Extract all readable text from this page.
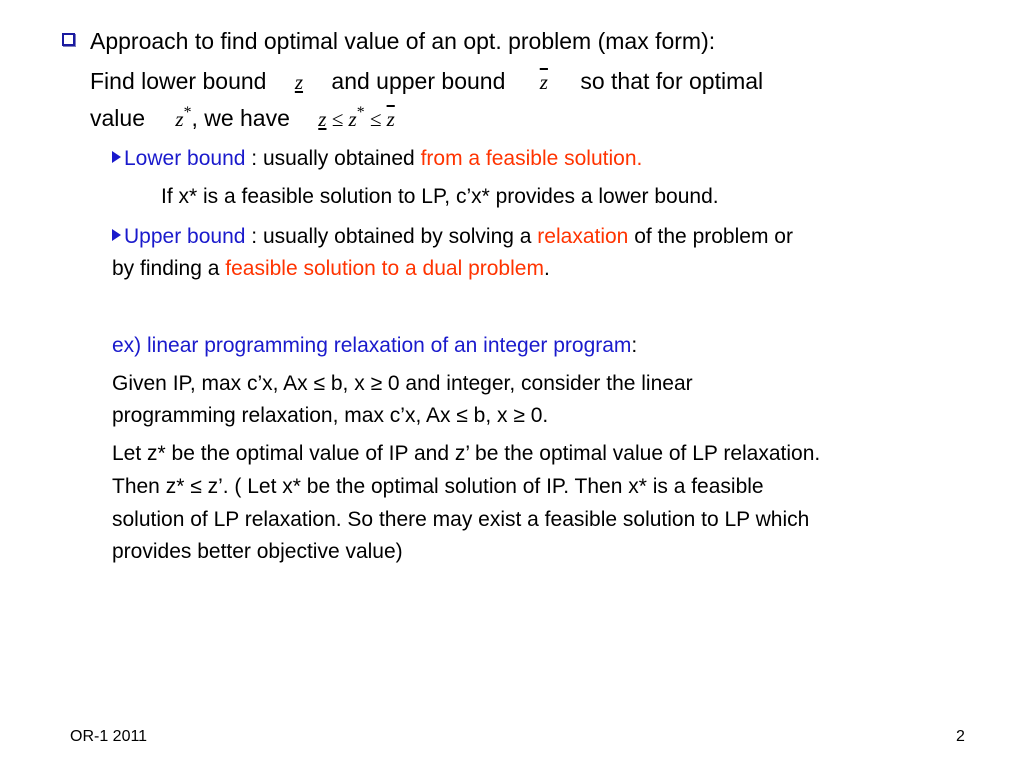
Approach to find optimal value of an opt. problem (max form):
Find lower bound z and upper bound $\overline{z}$ so that for optimal
value z*, we have $z \le z^* \le \overline{z}$
Lower bound : usually obtained from a feasible solution.
If x* is a feasible solution to LP, c’x* provides a lower bound.
Upper bound : usually obtained by solving a relaxation of the problem or
by finding a feasible solution to a dual problem.
ex) linear programming relaxation of an integer program:
Given IP, max c’x, Ax ≤ b, x ≥ 0 and integer, consider the linear
programming relaxation, max c’x, Ax ≤ b, x ≥ 0.
Let z* be the optimal value of IP and z’ be the optimal value of LP relaxation.
Then z* ≤ z’. ( Let x* be the optimal solution of IP. Then x* is a feasible
solution of LP relaxation. So there may exist a feasible solution to LP which
provides better objective value)
OR-1 2011	2
